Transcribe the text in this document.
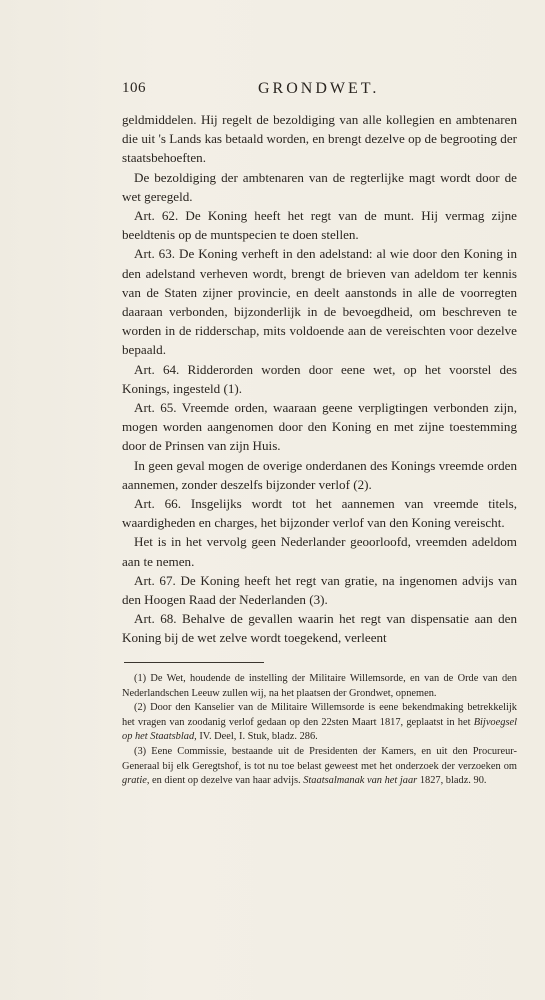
106	GRONDWET.

geldmiddelen. Hij regelt de bezoldiging van alle kollegien en ambtenaren die uit 's Lands kas betaald worden, en brengt dezelve op de begrooting der staatsbehoeften.

De bezoldiging der ambtenaren van de regterlijke magt wordt door de wet geregeld.

Art. 62. De Koning heeft het regt van de munt. Hij vermag zijne beeldtenis op de muntspecien te doen stellen.

Art. 63. De Koning verheft in den adelstand: al wie door den Koning in den adelstand verheven wordt, brengt de brieven van adeldom ter kennis van de Staten zijner provincie, en deelt aanstonds in alle de voorregten daaraan verbonden, bijzonderlijk in de bevoegdheid, om beschreven te worden in de ridderschap, mits voldoende aan de vereischten voor dezelve bepaald.

Art. 64. Ridderorden worden door eene wet, op het voorstel des Konings, ingesteld (1).

Art. 65. Vreemde orden, waaraan geene verpligtingen verbonden zijn, mogen worden aangenomen door den Koning en met zijne toestemming door de Prinsen van zijn Huis.

In geen geval mogen de overige onderdanen des Konings vreemde orden aannemen, zonder deszelfs bijzonder verlof (2).

Art. 66. Insgelijks wordt tot het aannemen van vreemde titels, waardigheden en charges, het bijzonder verlof van den Koning vereischt.

Het is in het vervolg geen Nederlander geoorloofd, vreemden adeldom aan te nemen.

Art. 67. De Koning heeft het regt van gratie, na ingenomen advijs van den Hoogen Raad der Nederlanden (3).

Art. 68. Behalve de gevallen waarin het regt van dispensatie aan den Koning bij de wet zelve wordt toegekend, verleent

(1) De Wet, houdende de instelling der Militaire Willemsorde, en van de Orde van den Nederlandschen Leeuw zullen wij, na het plaatsen der Grondwet, opnemen.

(2) Door den Kanselier van de Militaire Willemsorde is eene bekendmaking betrekkelijk het vragen van zoodanig verlof gedaan op den 22sten Maart 1817, geplaatst in het Bijvoegsel op het Staatsblad, IV. Deel, I. Stuk, bladz. 286.

(3) Eene Commissie, bestaande uit de Presidenten der Kamers, en uit den Procureur-Generaal bij elk Geregtshof, is tot nu toe belast geweest met het onderzoek der verzoeken om gratie, en dient op dezelve van haar advijs. Staatsalmanak van het jaar 1827, bladz. 90.
